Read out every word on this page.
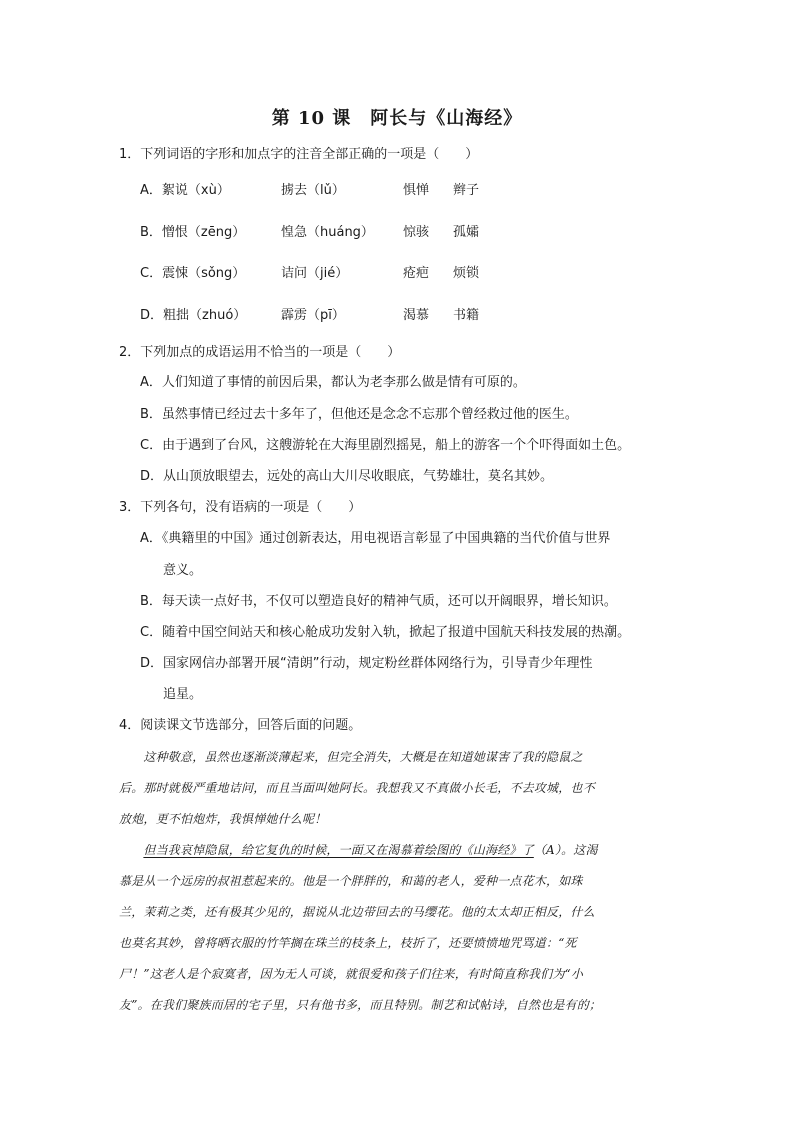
第 10 课　阿长与《山海经》
1．下列词语的字形和加点字的注音全部正确的一项是（　　）
A．絮说（xù）	掳去（lǔ）	惧惮 辫子
B．憎恨（zēng）	惶急（huáng） 惊骇 孤孀
C．震悚（sǒng）	诘问（jié）	疮疤 烦锁
D．粗拙（zhuó）	霹雳（pī）	渴慕 书籍
2．下列加点的成语运用不恰当的一项是（　　）
A．人们知道了事情的前因后果，都认为老李那么做是情有可原的。
B．虽然事情已经过去十多年了，但他还是念念不忘那个曾经救过他的医生。
C．由于遇到了台风，这艘游轮在大海里剧烈摇晃，船上的游客一个个吓得面如土色。
D．从山顶放眼望去，远处的高山大川尽收眼底，气势雄壮，莫名其妙。
3．下列各句，没有语病的一项是（　　）
A．《典籍里的中国》通过创新表达，用电视语言彰显了中国典籍的当代价值与世界
意义。
B．每天读一点好书，不仅可以塑造良好的精神气质，还可以开阔眼界，增长知识。
C．随着中国空间站天和核心舱成功发射入轨，掀起了报道中国航天科技发展的热潮。
D．国家网信办部署开展“清朗”行动，规定粉丝群体网络行为，引导青少年理性
追星。
4．阅读课文节选部分，回答后面的问题。
　　这种敬意，虽然也逐渐淡薄起来，但完全消失，大概是在知道她谋害了我的隐鼠之
后。那时就极严重地诘问，而且当面叫她阿长。我想我又不真做小长毛，不去攻城，也不
放炮，更不怕炮炸，我惧惮她什么呢！
　　但当我哀悼隐鼠，给它复仇的时候，一面又在渴慕着绘图的《山海经》了（A）。这渴
慕是从一个远房的叔祖惹起来的。他是一个胖胖的，和蔼的老人，爱种一点花木，如珠
兰，茉莉之类，还有极其少见的，据说从北边带回去的马缨花。他的太太却正相反，什么
也莫名其妙，曾将晒衣服的竹竿搁在珠兰的枝条上，枝折了，还要愤愤地咒骂道：“死
尸！”这老人是个寂寞者，因为无人可谈，就很爱和孩子们往来，有时简直称我们为“小
友”。在我们聚族而居的宅子里，只有他书多，而且特别。制艺和试帖诗，自然也是有的；
